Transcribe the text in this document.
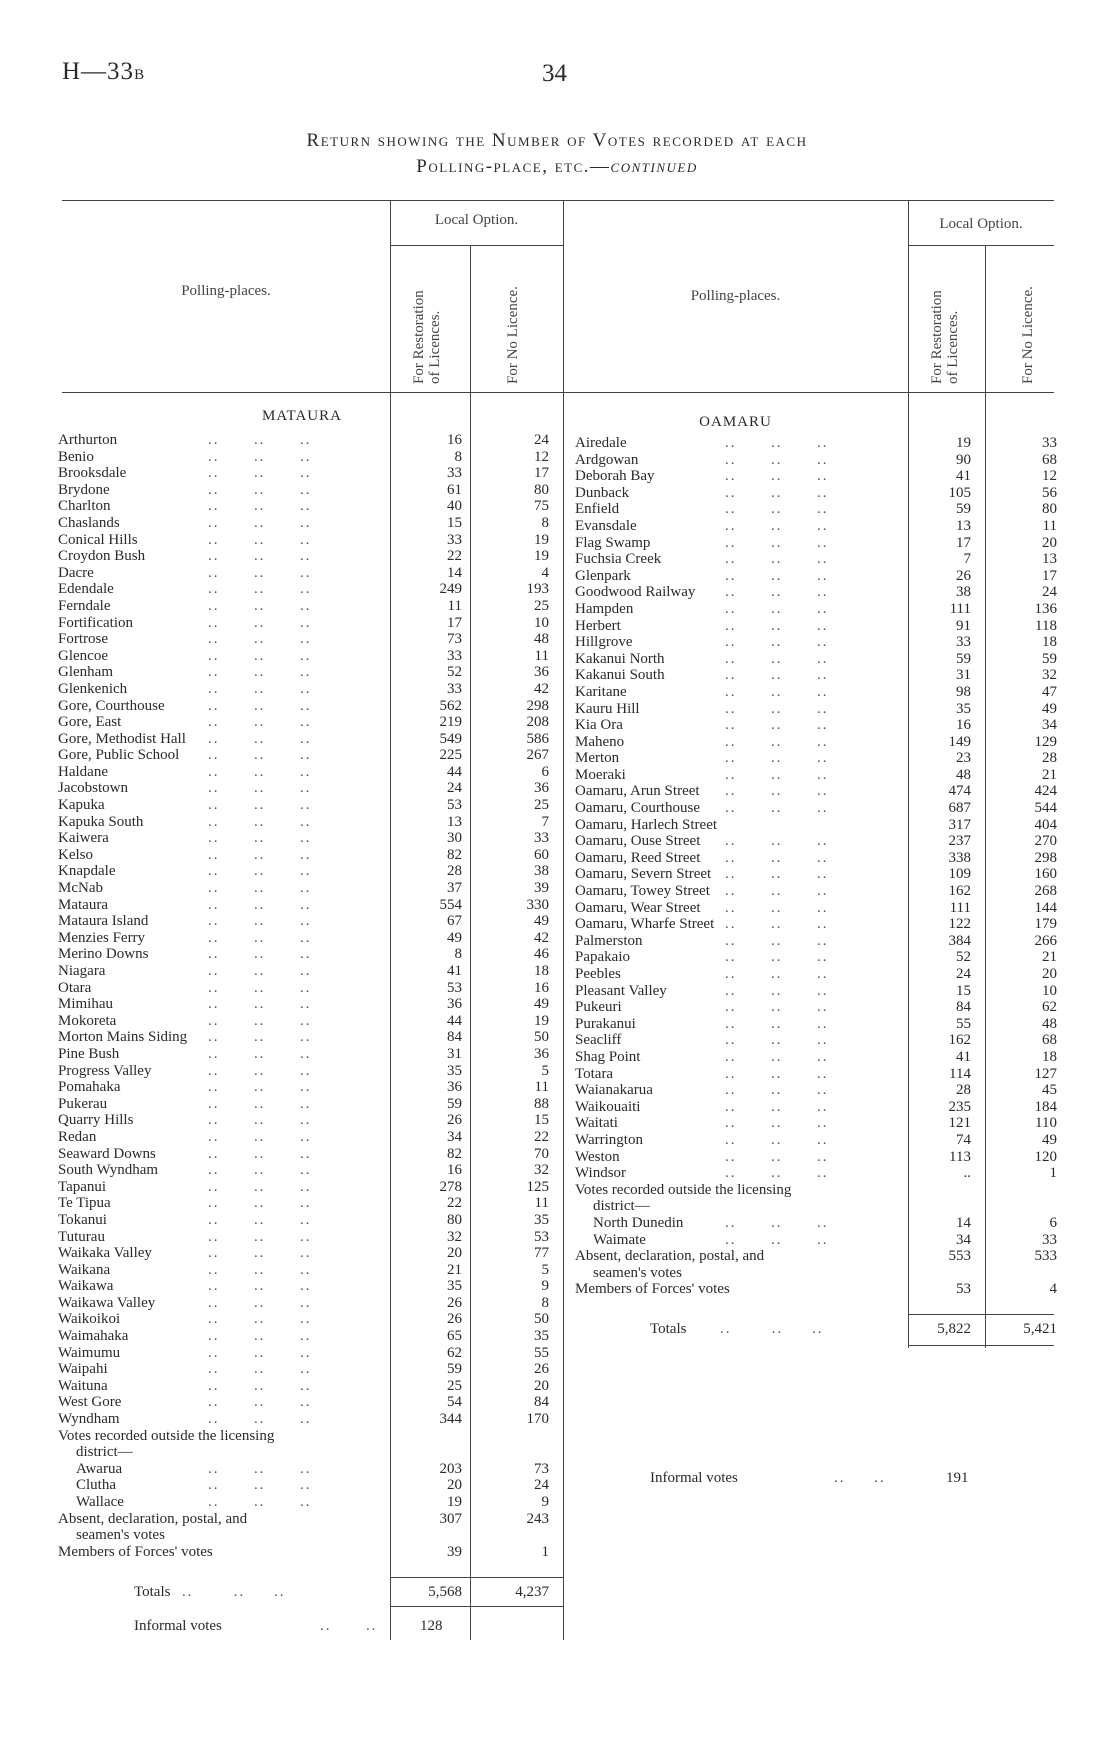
H—33B	34
Return showing the Number of Votes recorded at each
Polling-place, etc.—continued
Local Option.	Local Option.
Polling-places.	Polling-places.
For Restoration of Licences.	For No Licence.	For Restoration of Licences.	For No Licence.
MATAURA	OAMARU
Arthurton	..      ..      ..	16	24
Benio	..      ..      ..	8	12
Brooksdale	..      ..      ..	33	17
Brydone	..      ..      ..	61	80
Charlton	..      ..      ..	40	75
Chaslands	..      ..      ..	15	8
Conical Hills	..      ..      ..	33	19
Croydon Bush	..      ..      ..	22	19
Dacre	..      ..      ..	14	4
Edendale	..      ..      ..	249	193
Ferndale	..      ..      ..	11	25
Fortification	..      ..      ..	17	10
Fortrose	..      ..      ..	73	48
Glencoe	..      ..      ..	33	11
Glenham	..      ..      ..	52	36
Glenkenich	..      ..      ..	33	42
Gore, Courthouse	..      ..      ..	562	298
Gore, East	..      ..      ..	219	208
Gore, Methodist Hall ..      ..      ..	549	586
Gore, Public School ..      ..      ..	225	267
Haldane	..      ..      ..	44	6
Jacobstown	..      ..      ..	24	36
Kapuka	..      ..      ..	53	25
Kapuka South	..      ..      ..	13	7
Kaiwera	..      ..      ..	30	33
Kelso	..      ..      ..	82	60
Knapdale	..      ..      ..	28	38
McNab	..      ..      ..	37	39
Mataura	..      ..      ..	554	330
Mataura Island	..      ..      ..	67	49
Menzies Ferry	..      ..      ..	49	42
Merino Downs	..      ..      ..	8	46
Niagara	..      ..      ..	41	18
Otara	..      ..      ..	53	16
Mimihau	..      ..      ..	36	49
Mokoreta	..      ..      ..	44	19
Morton Mains Siding ..      ..      ..	84	50
Pine Bush	..      ..      ..	31	36
Progress Valley	..      ..      ..	35	5
Pomahaka	..      ..      ..	36	11
Pukerau	..      ..      ..	59	88
Quarry Hills	..      ..      ..	26	15
Redan	..      ..      ..	34	22
Seaward Downs	..      ..      ..	82	70
South Wyndham	..      ..      ..	16	32
Tapanui	..      ..      ..	278	125
Te Tipua	..      ..      ..	22	11
Tokanui	..      ..      ..	80	35
Tuturau	..      ..      ..	32	53
Waikaka Valley	..      ..      ..	20	77
Waikana	..      ..      ..	21	5
Waikawa	..      ..      ..	35	9
Waikawa Valley	..      ..      ..	26	8
Waikoikoi	..      ..      ..	26	50
Waimahaka	..      ..      ..	65	35
Waimumu	..      ..      ..	62	55
Waipahi	..      ..      ..	59	26
Waituna	..      ..      ..	25	20
West Gore	..      ..      ..	54	84
Wyndham	..      ..      ..	344	170
Votes recorded outside the licensing
district—
Awarua	..      ..      ..	203	73
Clutha	..      ..      ..	20	24
Wallace	..      ..      ..	19	9
Absent, declaration, postal, and	307	243
seamen's votes
Members of Forces' votes	39	1
Airedale	..      ..      ..	19	33
Ardgowan	..      ..      ..	90	68
Deborah Bay	..      ..      ..	41	12
Dunback	..      ..      ..	105	56
Enfield	..      ..      ..	59	80
Evansdale	..      ..      ..	13	11
Flag Swamp	..      ..      ..	17	20
Fuchsia Creek	..      ..      ..	7	13
Glenpark	..      ..      ..	26	17
Goodwood Railway ..      ..      ..	38	24
Hampden	..      ..      ..	111	136
Herbert	..      ..      ..	91	118
Hillgrove	..      ..      ..	33	18
Kakanui North	..      ..      ..	59	59
Kakanui South	..      ..      ..	31	32
Karitane	..      ..      ..	98	47
Kauru Hill	..      ..      ..	35	49
Kia Ora	..      ..      ..	16	34
Maheno	..      ..      ..	149	129
Merton	..      ..      ..	23	28
Moeraki	..      ..      ..	48	21
Oamaru, Arun Street ..      ..      ..	474	424
Oamaru, Courthouse ..      ..      ..	687	544
Oamaru, Harlech Street	317	404
Oamaru, Ouse Street ..      ..      ..	237	270
Oamaru, Reed Street ..      ..      ..	338	298
Oamaru, Severn Street ..      ..      ..	109	160
Oamaru, Towey Street ..      ..      ..	162	268
Oamaru, Wear Street ..      ..      ..	111	144
Oamaru, Wharfe Street ..      ..      ..	122	179
Palmerston	..      ..      ..	384	266
Papakaio	..      ..      ..	52	21
Peebles	..      ..      ..	24	20
Pleasant Valley	..      ..      ..	15	10
Pukeuri	..      ..      ..	84	62
Purakanui	..      ..      ..	55	48
Seacliff	..      ..      ..	162	68
Shag Point	..      ..      ..	41	18
Totara	..      ..      ..	114	127
Waianakarua	..      ..      ..	28	45
Waikouaiti	..      ..      ..	235	184
Waitati	..      ..      ..	121	110
Warrington	..      ..      ..	74	49
Weston	..      ..      ..	113	120
Windsor	..      ..      ..	..	1
Votes recorded outside the licensing
district—
North Dunedin	..      ..      ..	14	6
Waimate	..      ..      ..	34	33
Absent, declaration, postal, and	553	533
seamen's votes
Members of Forces' votes	53	4
Totals ..       ..     ..	5,568	4,237
Informal votes	..      ..	128
Totals ..       ..     ..	5,822	5,421
Informal votes	..     ..	191
